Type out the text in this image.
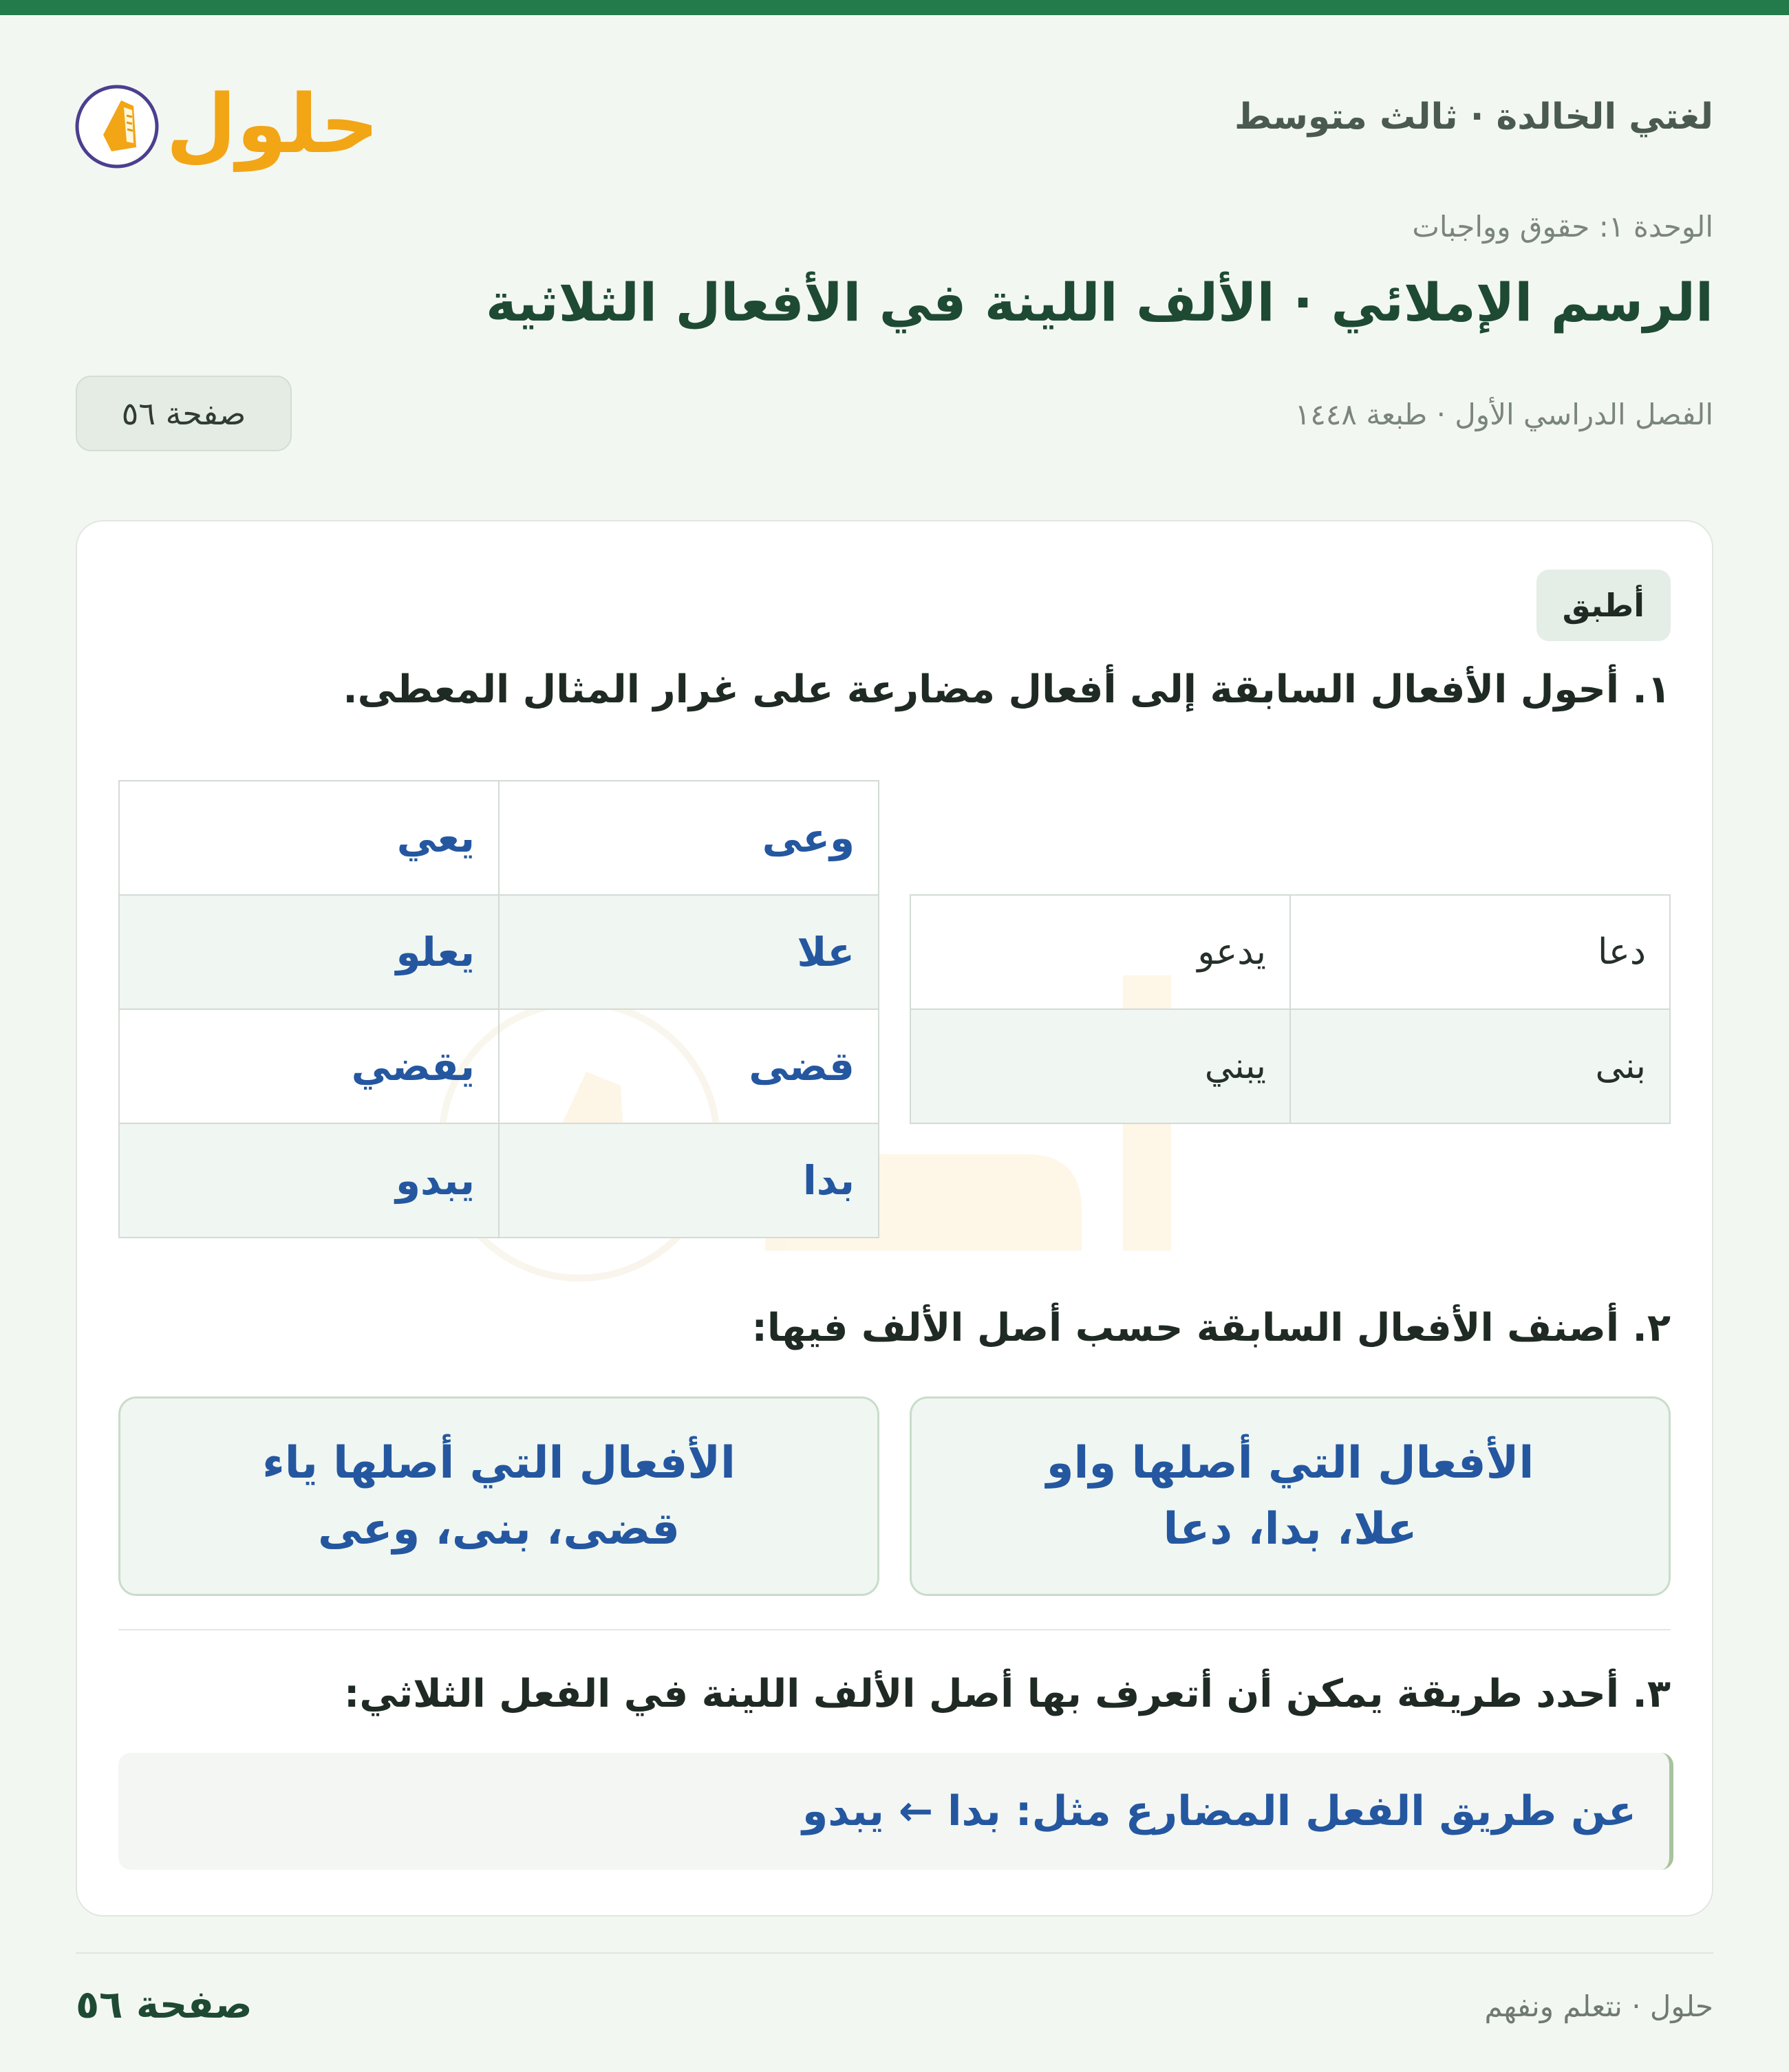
حلول	لغتي الخالدة · ثالث متوسط
الوحدة ١: حقوق وواجبات
الرسم الإملائي · الألف اللينة في الأفعال الثلاثية
الفصل الدراسي الأول · طبعة ١٤٤٨
صفحة ٥٦
أطبق
١. أحول الأفعال السابقة إلى أفعال مضارعة على غرار المثال المعطى.
دعا	يدعو
بنى	يبني
وعى	يعي
علا	يعلو
قضى	يقضي
بدا	يبدو
٢. أصنف الأفعال السابقة حسب أصل الألف فيها:
الأفعال التي أصلها واو
علا، بدا، دعا
الأفعال التي أصلها ياء
قضى، بنى، وعى
٣. أحدد طريقة يمكن أن أتعرف بها أصل الألف اللينة في الفعل الثلاثي:
عن طريق الفعل المضارع مثل: بدا ← يبدو
صفحة ٥٦	حلول · نتعلم ونفهم
